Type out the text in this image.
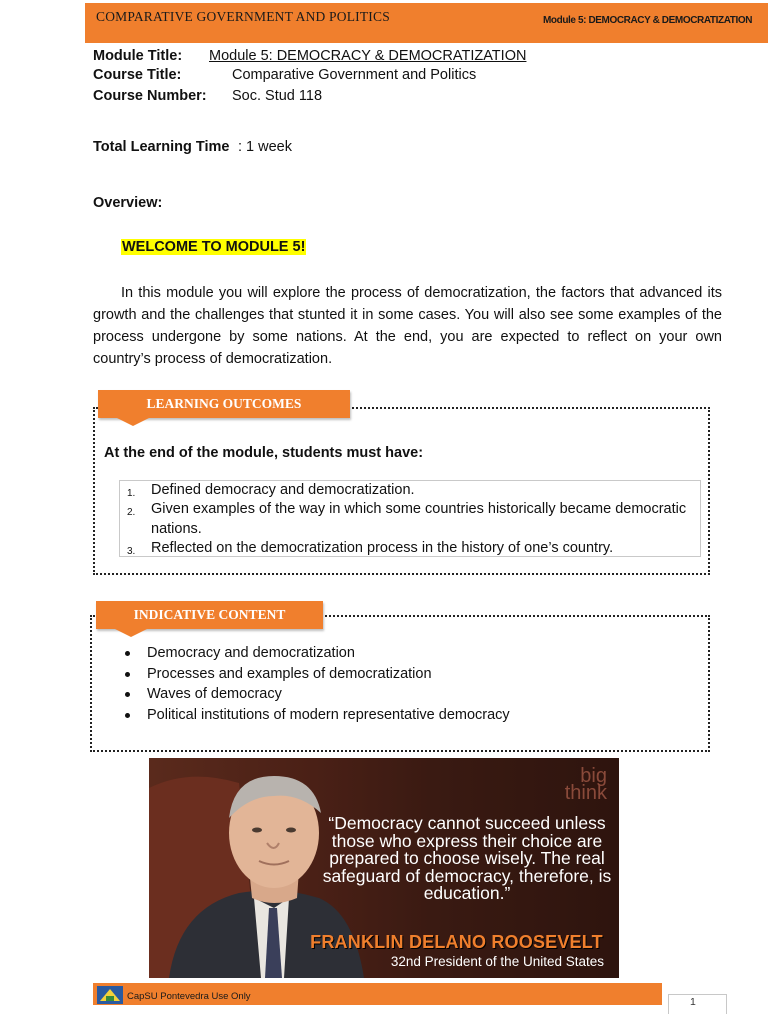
COMPARATIVE GOVERNMENT AND POLITICS	Module 5: DEMOCRACY & DEMOCRATIZATION
Module Title: Module 5: DEMOCRACY & DEMOCRATIZATION
Course Title:	Comparative Government and Politics
Course Number: Soc. Stud 118
Total Learning Time : 1 week
Overview:
WELCOME TO MODULE 5!
In this module you will explore the process of democratization, the factors that advanced its growth and the challenges that stunted it in some cases. You will also see some examples of the process undergone by some nations. At the end, you are expected to reflect on your own country’s process of democratization.
LEARNING OUTCOMES
At the end of the module, students must have:
1. Defined democracy and democratization.
2. Given examples of the way in which some countries historically became democratic nations.
3. Reflected on the democratization process in the history of one’s country.
INDICATIVE CONTENT
Democracy and democratization
Processes and examples of democratization
Waves of democracy
Political institutions of modern representative democracy
big
think
“Democracy cannot succeed unless those who express their choice are prepared to choose wisely. The real safeguard of democracy, therefore, is education.”
FRANKLIN DELANO ROOSEVELT
32nd President of the United States
CapSU Pontevedra Use Only	1
